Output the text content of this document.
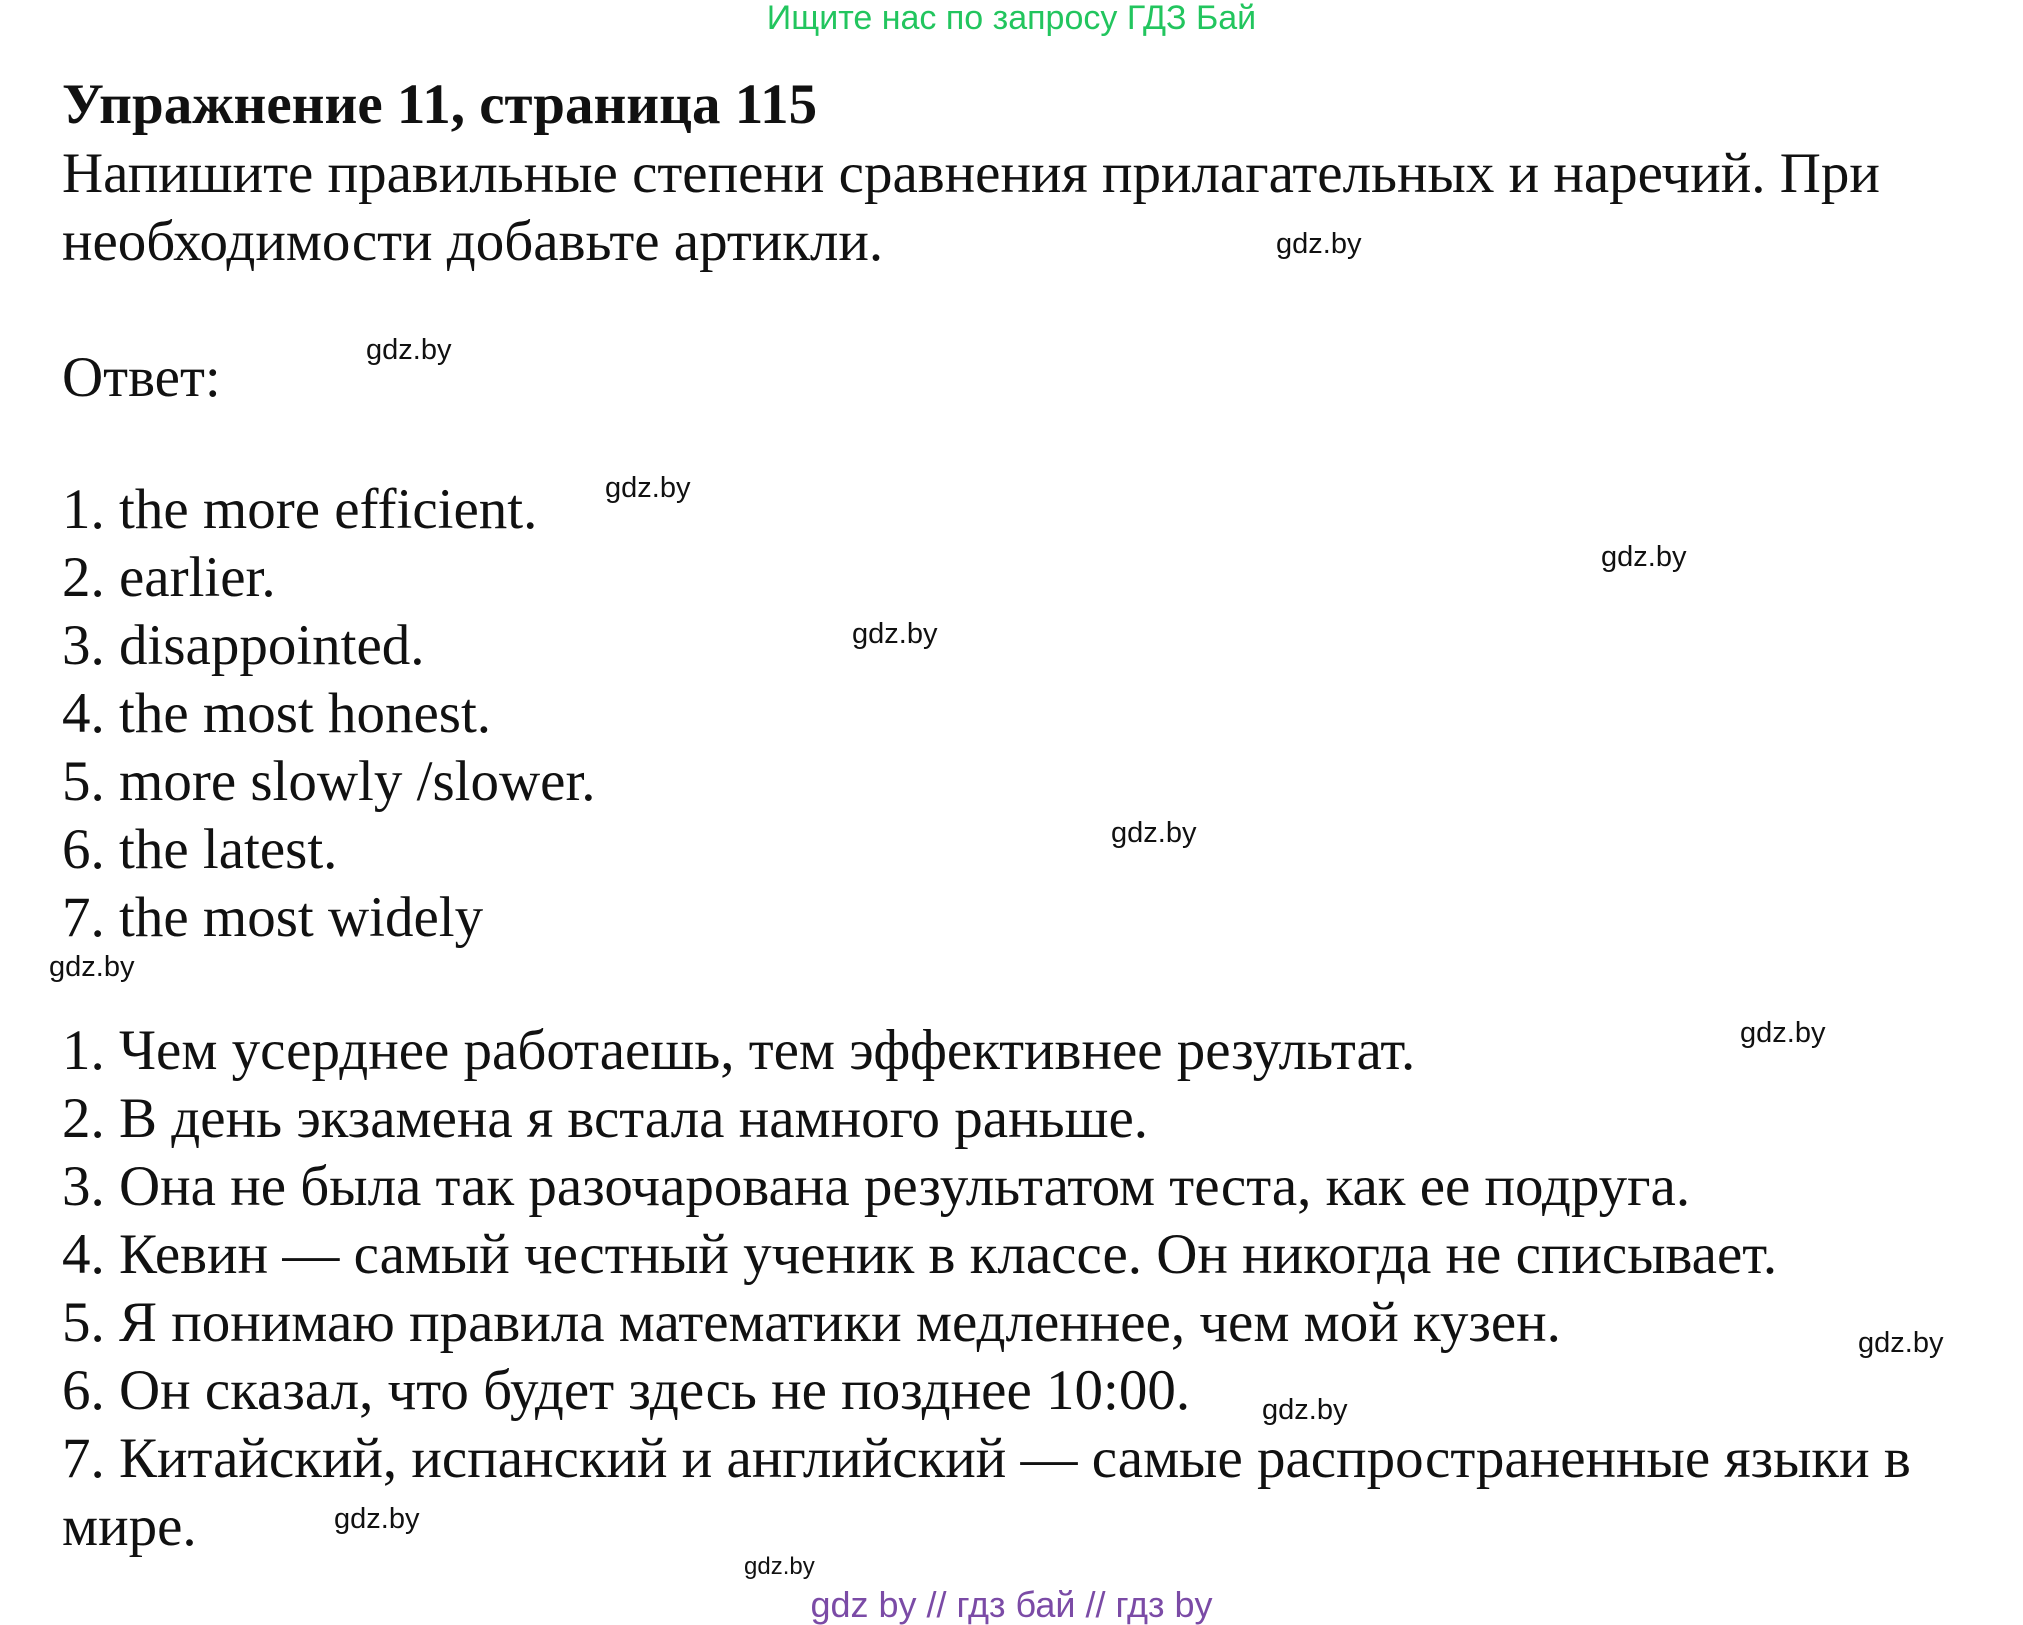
Ищите нас по запросу ГДЗ Бай
Упражнение 11, страница 115
Напишите правильные степени сравнения прилагательных и наречий. При необходимости добавьте артикли.
Ответ:
1. the more efficient.
2. earlier.
3. disappointed.
4. the most honest.
5. more slowly /slower.
6. the latest.
7. the most widely
1. Чем усерднее работаешь, тем эффективнее результат.
2. В день экзамена я встала намного раньше.
3. Она не была так разочарована результатом теста, как ее подруга.
4. Кевин — самый честный ученик в классе. Он никогда не списывает.
5. Я понимаю правила математики медленнее, чем мой кузен.
6. Он сказал, что будет здесь не позднее 10:00.
7. Китайский, испанский и английский — самые распространенные языки в мире.
gdz.by
gdz.by
gdz.by
gdz.by
gdz.by
gdz.by
gdz.by
gdz.by
gdz.by
gdz.by
gdz.by
gdz.by
gdz by // гдз бай // гдз by
